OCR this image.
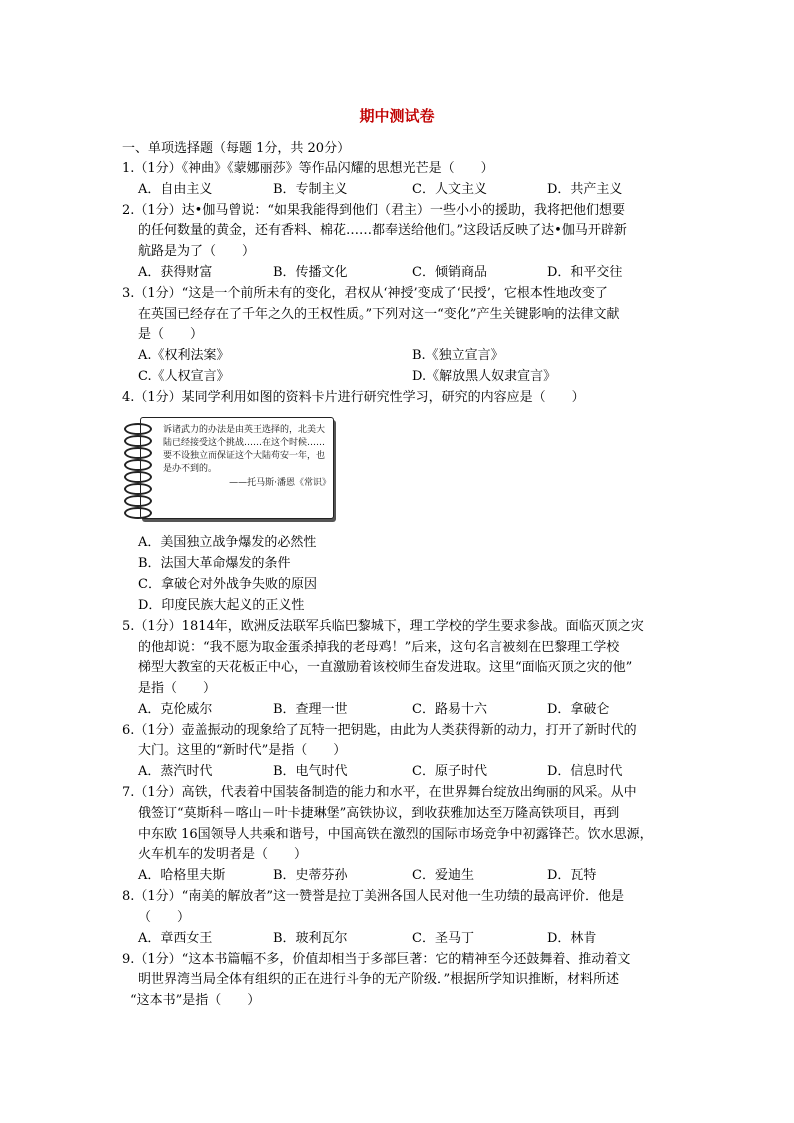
期中测试卷
一、单项选择题（每题 1分，共 20分）
1.（1分）《神曲》《蒙娜丽莎》等作品闪耀的思想光芒是（　　）
A．自由主义	B．专制主义	C．人文主义	D．共产主义
2.（1分）达•伽马曾说：“如果我能得到他们（君主）一些小小的援助，我将把他们想要
的任何数量的黄金，还有香料、棉花……都奉送给他们。”这段话反映了达•伽马开辟新
航路是为了（　　）
A．获得财富	B．传播文化	C．倾销商品	D．和平交往
3.（1分）“这是一个前所未有的变化，君权从‘神授’变成了‘民授’，它根本性地改变了
在英国已经存在了千年之久的王权性质。”下列对这一“变化”产生关键影响的法律文献
是（　　）
A.《权利法案》	B.《独立宣言》
C.《人权宣言》	D.《解放黑人奴隶宣言》
4.（1分）某同学利用如图的资料卡片进行研究性学习，研究的内容应是（　　）
诉诸武力的办法是由英王选择的，北美大陆已经接受这个挑战……在这个时候……要不设独立而保证这个大陆苟安一年，也是办不到的。
——托马斯·潘恩《常识》
A．美国独立战争爆发的必然性
B．法国大革命爆发的条件
C．拿破仑对外战争失败的原因
D．印度民族大起义的正义性
5.（1分）1814年，欧洲反法联军兵临巴黎城下，理工学校的学生要求参战。面临灭顶之灾
的他却说：“我不愿为取金蛋杀掉我的老母鸡！”后来，这句名言被刻在巴黎理工学校
梯型大教室的天花板正中心，一直激励着该校师生奋发进取。这里“面临灭顶之灾的他”
是指（　　）
A．克伦威尔	B．查理一世	C．路易十六	D．拿破仑
6.（1分）壶盖振动的现象给了瓦特一把钥匙，由此为人类获得新的动力，打开了新时代的
大门。这里的“新时代”是指（　　）
A．蒸汽时代	B．电气时代	C．原子时代	D．信息时代
7.（1分）高铁，代表着中国装备制造的能力和水平，在世界舞台绽放出绚丽的风采。从中
俄签订“莫斯科－喀山－叶卡捷琳堡”高铁协议，到收获雅加达至万隆高铁项目，再到
中东欧 16国领导人共乘和谐号，中国高铁在激烈的国际市场竞争中初露锋芒。饮水思源，
火车机车的发明者是（　　）
A．哈格里夫斯	B．史蒂芬孙	C．爱迪生	D．瓦特
8.（1分）“南美的解放者”这一赞誉是拉丁美洲各国人民对他一生功绩的最高评价．他是
（　　）
A．章西女王	B．玻利瓦尔	C．圣马丁	D．林肯
9.（1分）“这本书篇幅不多，价值却相当于多部巨著：它的精神至今还鼓舞着、推动着文
明世界湾当局全体有组织的正在进行斗争的无产阶级．”根据所学知识推断，材料所述
“这本书”是指（　　）
